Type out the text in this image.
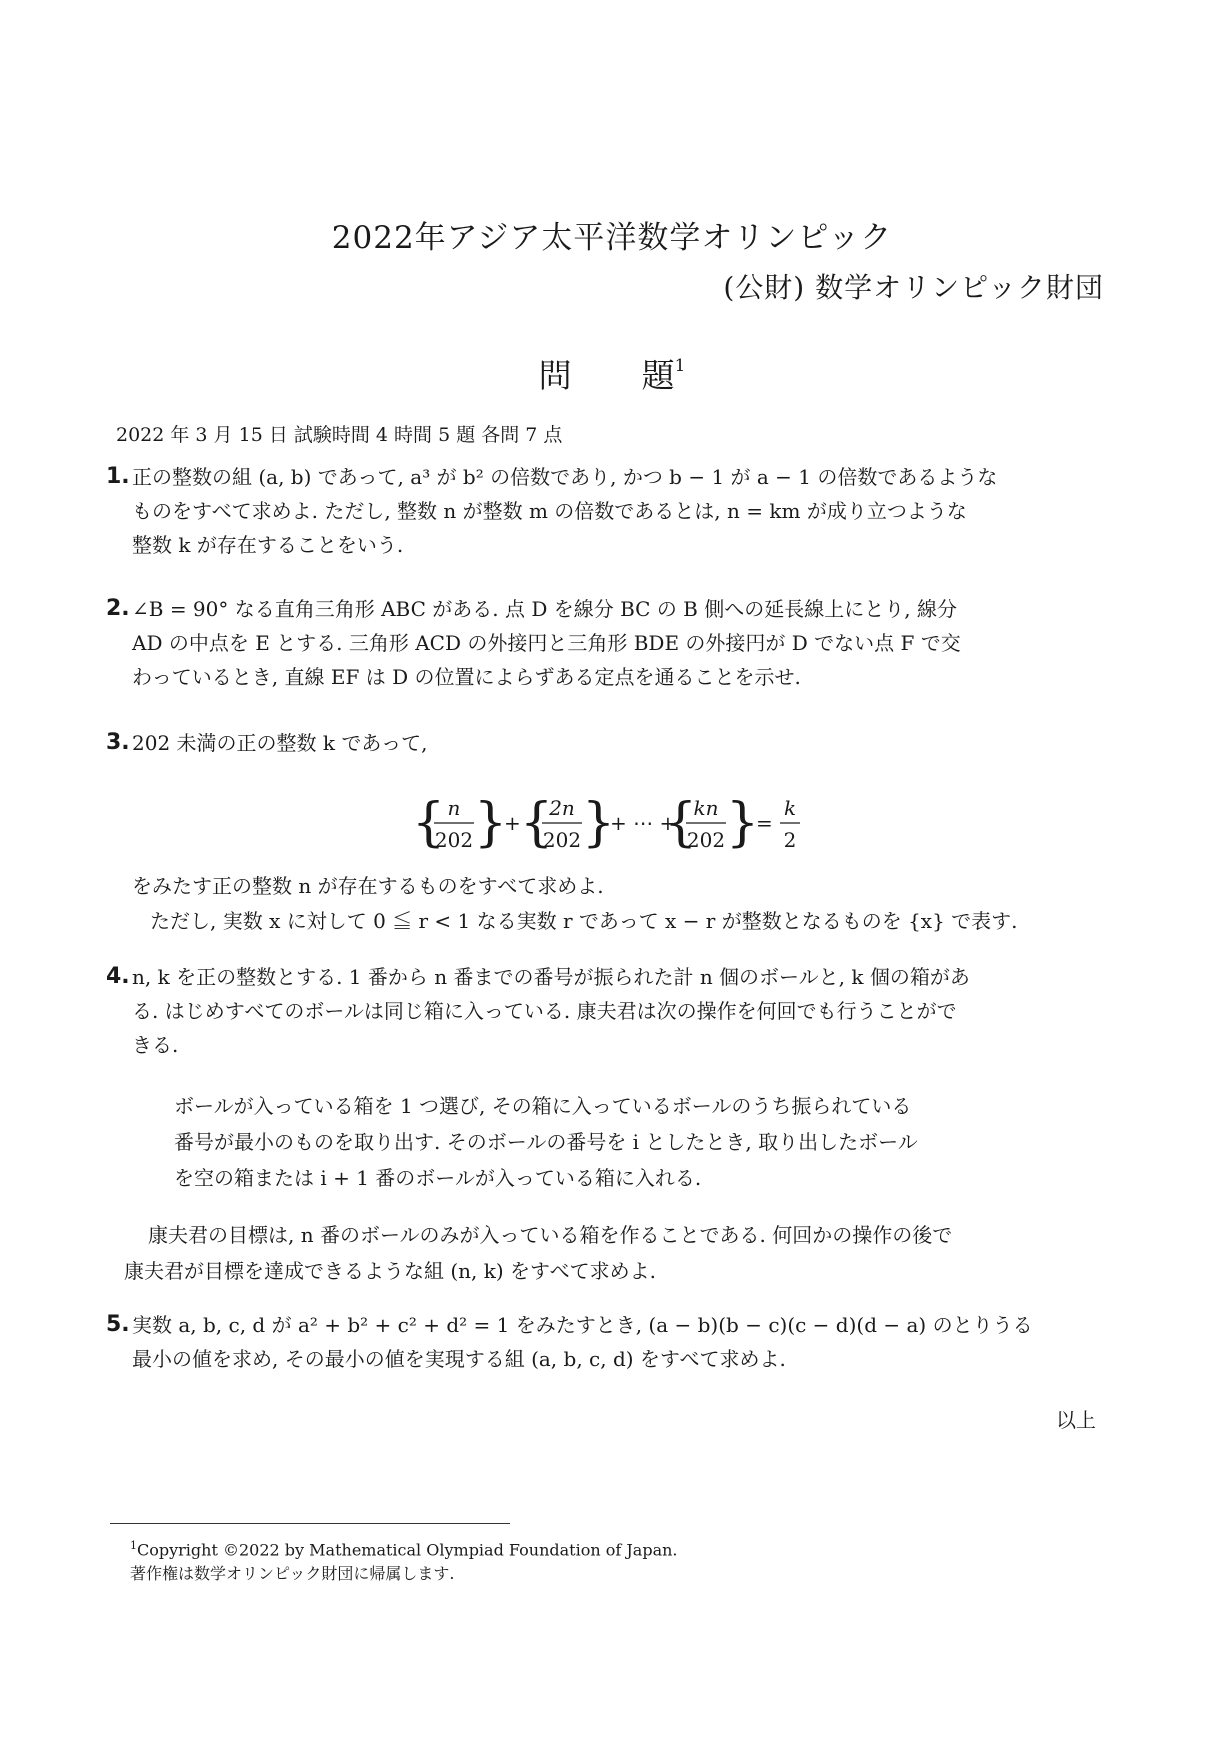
2022年アジア太平洋数学オリンピック
(公財) 数学オリンピック財団
問 題$^1$
2022 年 3 月 15 日 試験時間 4 時間 5 題 各問 7 点
1. 正の整数の組 (a, b) であって, a³ が b² の倍数であり, かつ b − 1 が a − 1 の倍数であるような
ものをすべて求めよ. ただし, 整数 n が整数 m の倍数であるとは, n = km が成り立つような
整数 k が存在することをいう.
2. ∠B = 90° なる直角三角形 ABC がある. 点 D を線分 BC の B 側への延長線上にとり, 線分
AD の中点を E とする. 三角形 ACD の外接円と三角形 BDE の外接円が D でない点 F で交
わっているとき, 直線 EF は D の位置によらずある定点を通ることを示せ.
3. 202 未満の正の整数 k であって,
{ n
202 }
+ {
2n
202 }
+ ⋯ +
{
kn
202 }
=
k
2
をみたす正の整数 n が存在するものをすべて求めよ.
ただし, 実数 x に対して 0 ≦ r < 1 なる実数 r であって x − r が整数となるものを {x} で表す.
4. n, k を正の整数とする. 1 番から n 番までの番号が振られた計 n 個のボールと, k 個の箱があ
る. はじめすべてのボールは同じ箱に入っている. 康夫君は次の操作を何回でも行うことがで
きる.
ボールが入っている箱を 1 つ選び, その箱に入っているボールのうち振られている
番号が最小のものを取り出す. そのボールの番号を i としたとき, 取り出したボール
を空の箱または i + 1 番のボールが入っている箱に入れる.
康夫君の目標は, n 番のボールのみが入っている箱を作ることである. 何回かの操作の後で
康夫君が目標を達成できるような組 (n, k) をすべて求めよ.
5. 実数 a, b, c, d が a² + b² + c² + d² = 1 をみたすとき, (a − b)(b − c)(c − d)(d − a) のとりうる
最小の値を求め, その最小の値を実現する組 (a, b, c, d) をすべて求めよ.
以上
$^1$Copyright ©2022 by Mathematical Olympiad Foundation of Japan.
著作権は数学オリンピック財団に帰属します.
